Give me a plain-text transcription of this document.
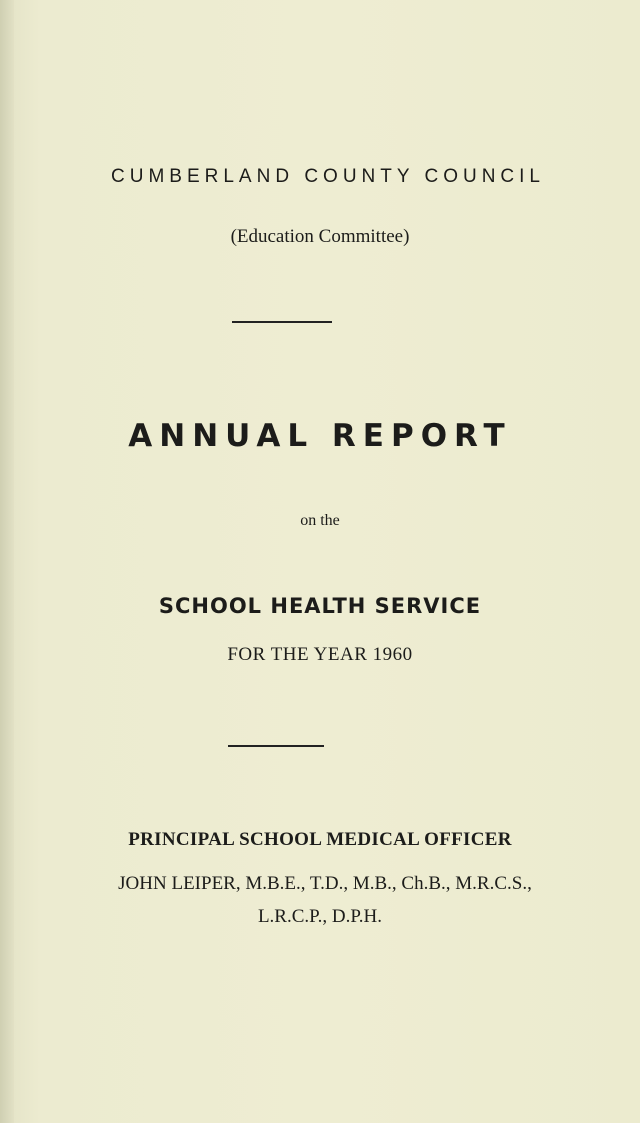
CUMBERLAND COUNTY COUNCIL
(Education Committee)
ANNUAL REPORT
on the
SCHOOL HEALTH SERVICE
FOR THE YEAR 1960
PRINCIPAL SCHOOL MEDICAL OFFICER
JOHN LEIPER, M.B.E., T.D., M.B., Ch.B., M.R.C.S.,
L.R.C.P., D.P.H.
